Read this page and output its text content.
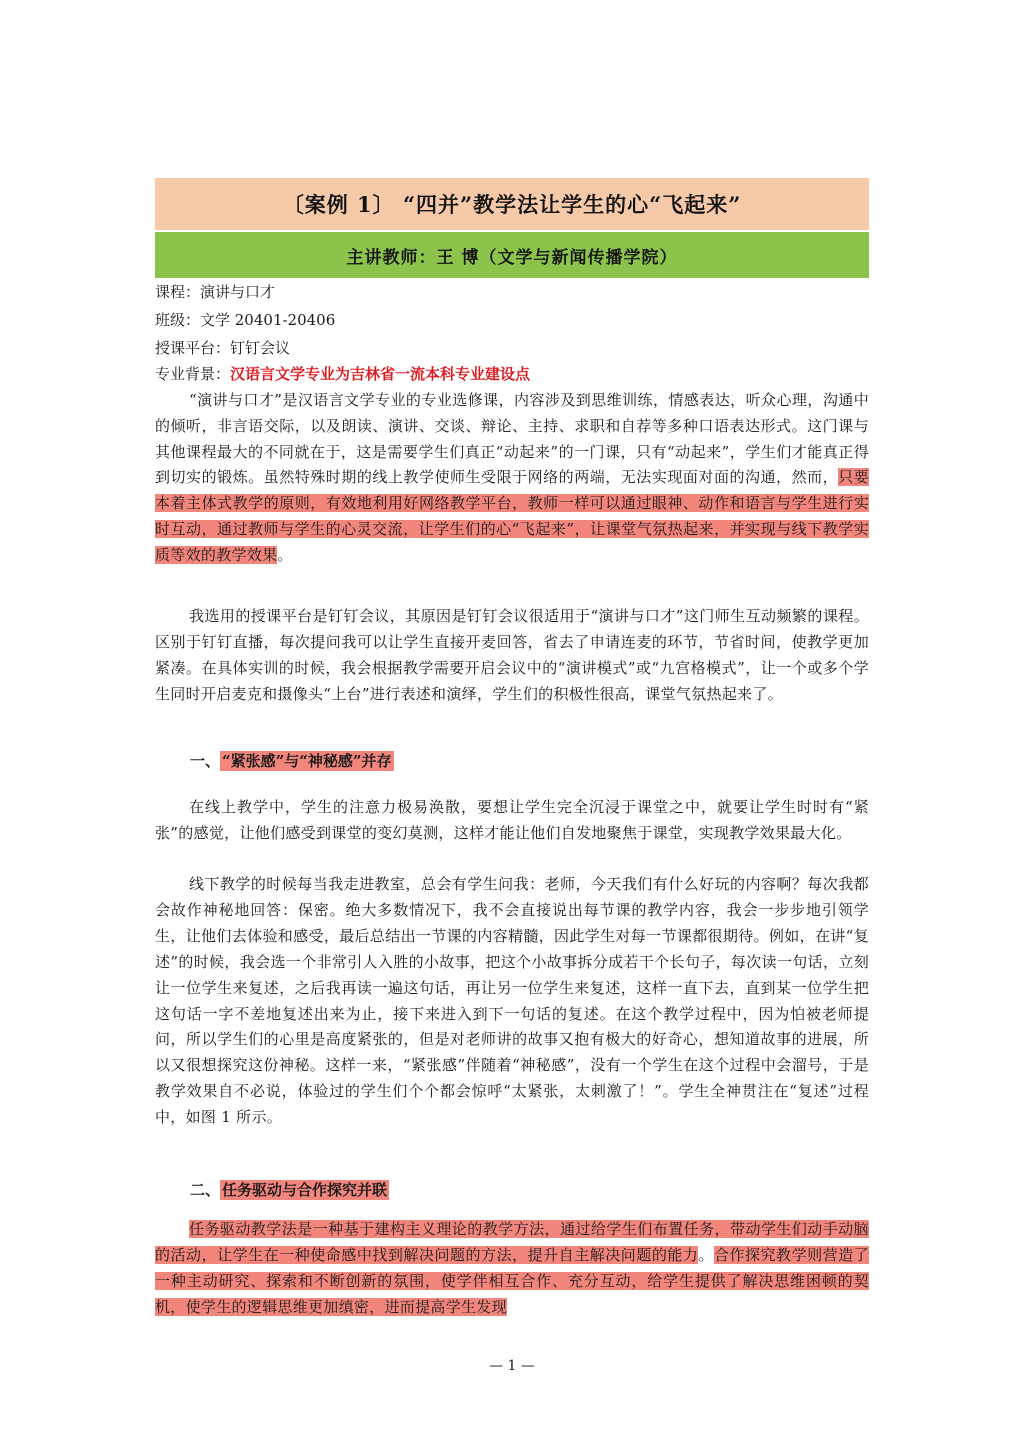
〔案例 1〕 “四并”教学法让学生的心“飞起来”
主讲教师：王 博（文学与新闻传播学院）
课程：演讲与口才
班级：文学 20401-20406
授课平台：钉钉会议
专业背景：汉语言文学专业为吉林省一流本科专业建设点

“演讲与口才”是汉语言文学专业的专业选修课，内容涉及到思维训练，情感表达，听众心理，沟通中的倾听，非言语交际，以及朗读、演讲、交谈、辩论、主持、求职和自荐等多种口语表达形式。这门课与其他课程最大的不同就在于，这是需要学生们真正“动起来”的一门课，只有“动起来”，学生们才能真正得到切实的锻炼。虽然特殊时期的线上教学使师生受限于网络的两端，无法实现面对面的沟通，然而，只要本着主体式教学的原则，有效地利用好网络教学平台，教师一样可以通过眼神、动作和语言与学生进行实时互动，通过教师与学生的心灵交流，让学生们的心“飞起来”，让课堂气氛热起来，并实现与线下教学实质等效的教学效果。

我选用的授课平台是钉钉会议，其原因是钉钉会议很适用于“演讲与口才”这门师生互动频繁的课程。区别于钉钉直播，每次提问我可以让学生直接开麦回答，省去了申请连麦的环节，节省时间，使教学更加紧凑。在具体实训的时候，我会根据教学需要开启会议中的“演讲模式”或“九宫格模式”，让一个或多个学生同时开启麦克和摄像头“上台”进行表述和演绎，学生们的积极性很高，课堂气氛热起来了。

一、 “紧张感”与“神秘感”并存

在线上教学中，学生的注意力极易涣散，要想让学生完全沉浸于课堂之中，就要让学生时时有“紧张”的感觉，让他们感受到课堂的变幻莫测，这样才能让他们自发地聚焦于课堂，实现教学效果最大化。

线下教学的时候每当我走进教室，总会有学生问我：老师，今天我们有什么好玩的内容啊？每次我都会故作神秘地回答：保密。绝大多数情况下，我不会直接说出每节课的教学内容，我会一步步地引领学生，让他们去体验和感受，最后总结出一节课的内容精髓，因此学生对每一节课都很期待。例如，在讲“复述”的时候，我会选一个非常引人入胜的小故事，把这个小故事拆分成若干个长句子，每次读一句话，立刻让一位学生来复述，之后我再读一遍这句话，再让另一位学生来复述，这样一直下去，直到某一位学生把这句话一字不差地复述出来为止，接下来进入到下一句话的复述。在这个教学过程中，因为怕被老师提问，所以学生们的心里是高度紧张的，但是对老师讲的故事又抱有极大的好奇心，想知道故事的进展，所以又很想探究这份神秘。这样一来，“紧张感”伴随着“神秘感”，没有一个学生在这个过程中会溜号，于是教学效果自不必说，体验过的学生们个个都会惊呼“太紧张，太刺激了！”。学生全神贯注在“复述”过程中，如图 1 所示。

二、 任务驱动与合作探究并联

任务驱动教学法是一种基于建构主义理论的教学方法，通过给学生们布置任务，带动学生们动手动脑的活动，让学生在一种使命感中找到解决问题的方法，提升自主解决问题的能力。合作探究教学则营造了一种主动研究、探索和不断创新的氛围，使学伴相互合作、充分互动，给学生提供了解决思维困顿的契机，使学生的逻辑思维更加缜密，进而提高学生发现

— 1 —
